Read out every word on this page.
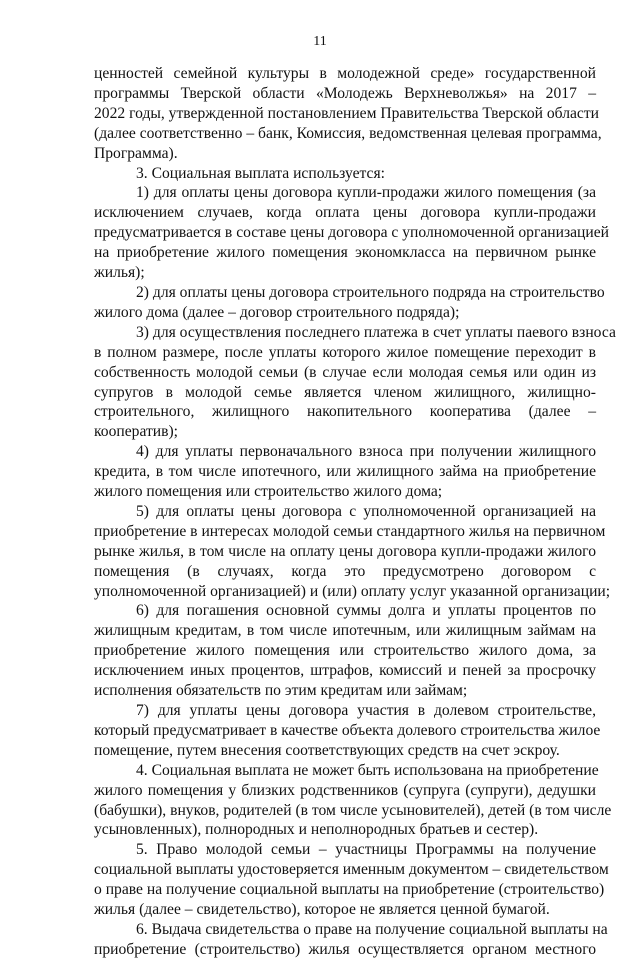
11
ценностей семейной культуры в молодежной среде» государственной
программы Тверской области «Молодежь Верхневолжья» на 2017 –
2022 годы, утвержденной постановлением Правительства Тверской области
(далее соответственно – банк, Комиссия, ведомственная целевая программа,
Программа).
3. Социальная выплата используется:
1) для оплаты цены договора купли-продажи жилого помещения (за
исключением случаев, когда оплата цены договора купли-продажи
предусматривается в составе цены договора с уполномоченной организацией
на приобретение жилого помещения экономкласса на первичном рынке
жилья);
2) для оплаты цены договора строительного подряда на строительство
жилого дома (далее – договор строительного подряда);
3) для осуществления последнего платежа в счет уплаты паевого взноса
в полном размере, после уплаты которого жилое помещение переходит в
собственность молодой семьи (в случае если молодая семья или один из
супругов в молодой семье является членом жилищного, жилищно-
строительного, жилищного накопительного кооператива (далее –
кооператив);
4) для уплаты первоначального взноса при получении жилищного
кредита, в том числе ипотечного, или жилищного займа на приобретение
жилого помещения или строительство жилого дома;
5) для оплаты цены договора с уполномоченной организацией на
приобретение в интересах молодой семьи стандартного жилья на первичном
рынке жилья, в том числе на оплату цены договора купли-продажи жилого
помещения (в случаях, когда это предусмотрено договором с
уполномоченной организацией) и (или) оплату услуг указанной организации;
6) для погашения основной суммы долга и уплаты процентов по
жилищным кредитам, в том числе ипотечным, или жилищным займам на
приобретение жилого помещения или строительство жилого дома, за
исключением иных процентов, штрафов, комиссий и пеней за просрочку
исполнения обязательств по этим кредитам или займам;
7) для уплаты цены договора участия в долевом строительстве,
который предусматривает в качестве объекта долевого строительства жилое
помещение, путем внесения соответствующих средств на счет эскроу.
4. Социальная выплата не может быть использована на приобретение
жилого помещения у близких родственников (супруга (супруги), дедушки
(бабушки), внуков, родителей (в том числе усыновителей), детей (в том числе
усыновленных), полнородных и неполнородных братьев и сестер).
5. Право молодой семьи – участницы Программы на получение
социальной выплаты удостоверяется именным документом – свидетельством
о праве на получение социальной выплаты на приобретение (строительство)
жилья (далее – свидетельство), которое не является ценной бумагой.
6. Выдача свидетельства о праве на получение социальной выплаты на
приобретение (строительство) жилья осуществляется органом местного
